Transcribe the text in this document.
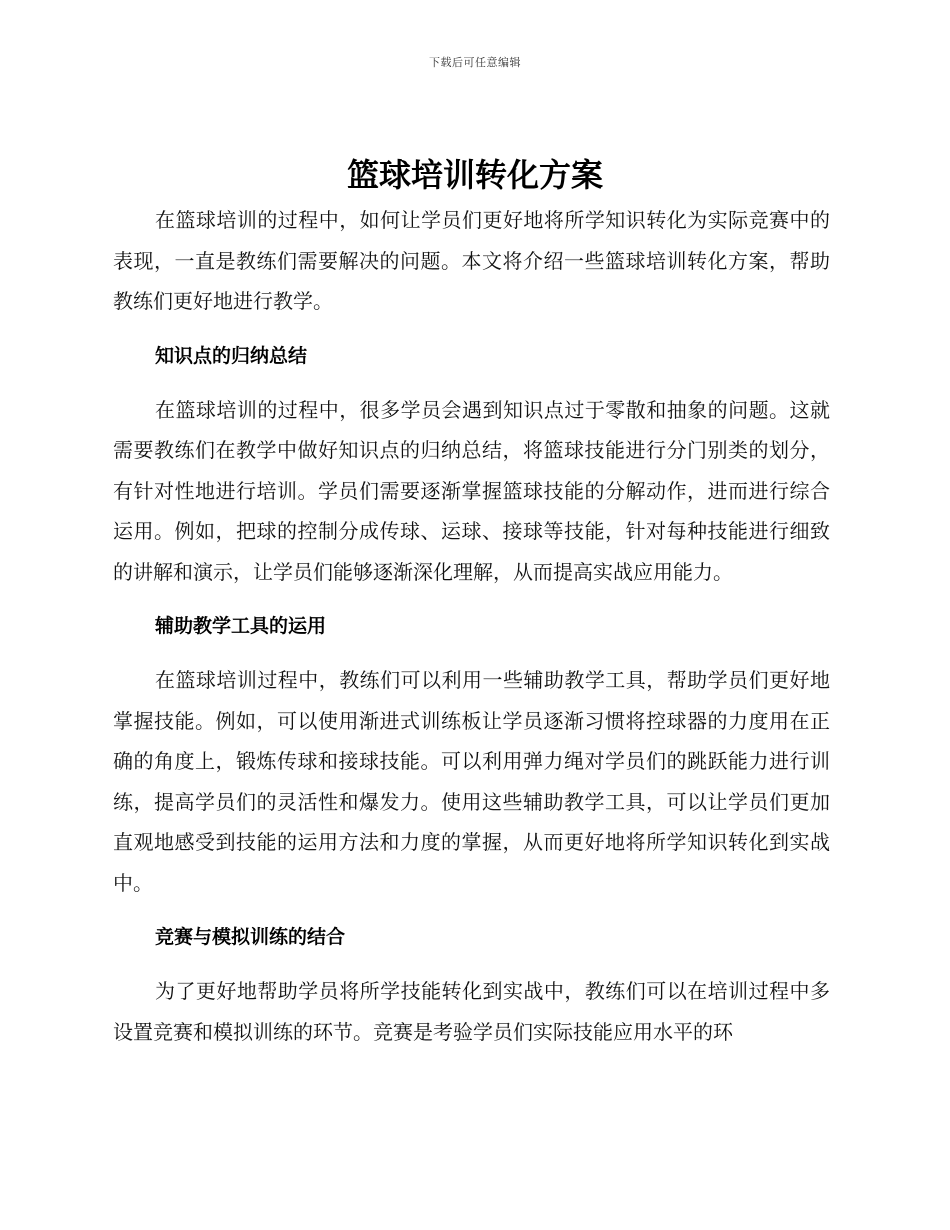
下载后可任意编辑
篮球培训转化方案

在篮球培训的过程中，如何让学员们更好地将所学知识转化为实际竞赛中的表现，一直是教练们需要解决的问题。本文将介绍一些篮球培训转化方案，帮助教练们更好地进行教学。

知识点的归纳总结

在篮球培训的过程中，很多学员会遇到知识点过于零散和抽象的问题。这就需要教练们在教学中做好知识点的归纳总结，将篮球技能进行分门别类的划分，有针对性地进行培训。学员们需要逐渐掌握篮球技能的分解动作，进而进行综合运用。例如，把球的控制分成传球、运球、接球等技能，针对每种技能进行细致的讲解和演示，让学员们能够逐渐深化理解，从而提高实战应用能力。

辅助教学工具的运用

在篮球培训过程中，教练们可以利用一些辅助教学工具，帮助学员们更好地掌握技能。例如，可以使用渐进式训练板让学员逐渐习惯将控球器的力度用在正确的角度上，锻炼传球和接球技能。可以利用弹力绳对学员们的跳跃能力进行训练，提高学员们的灵活性和爆发力。使用这些辅助教学工具，可以让学员们更加直观地感受到技能的运用方法和力度的掌握，从而更好地将所学知识转化到实战中。

竞赛与模拟训练的结合

为了更好地帮助学员将所学技能转化到实战中，教练们可以在培训过程中多设置竞赛和模拟训练的环节。竞赛是考验学员们实际技能应用水平的环
